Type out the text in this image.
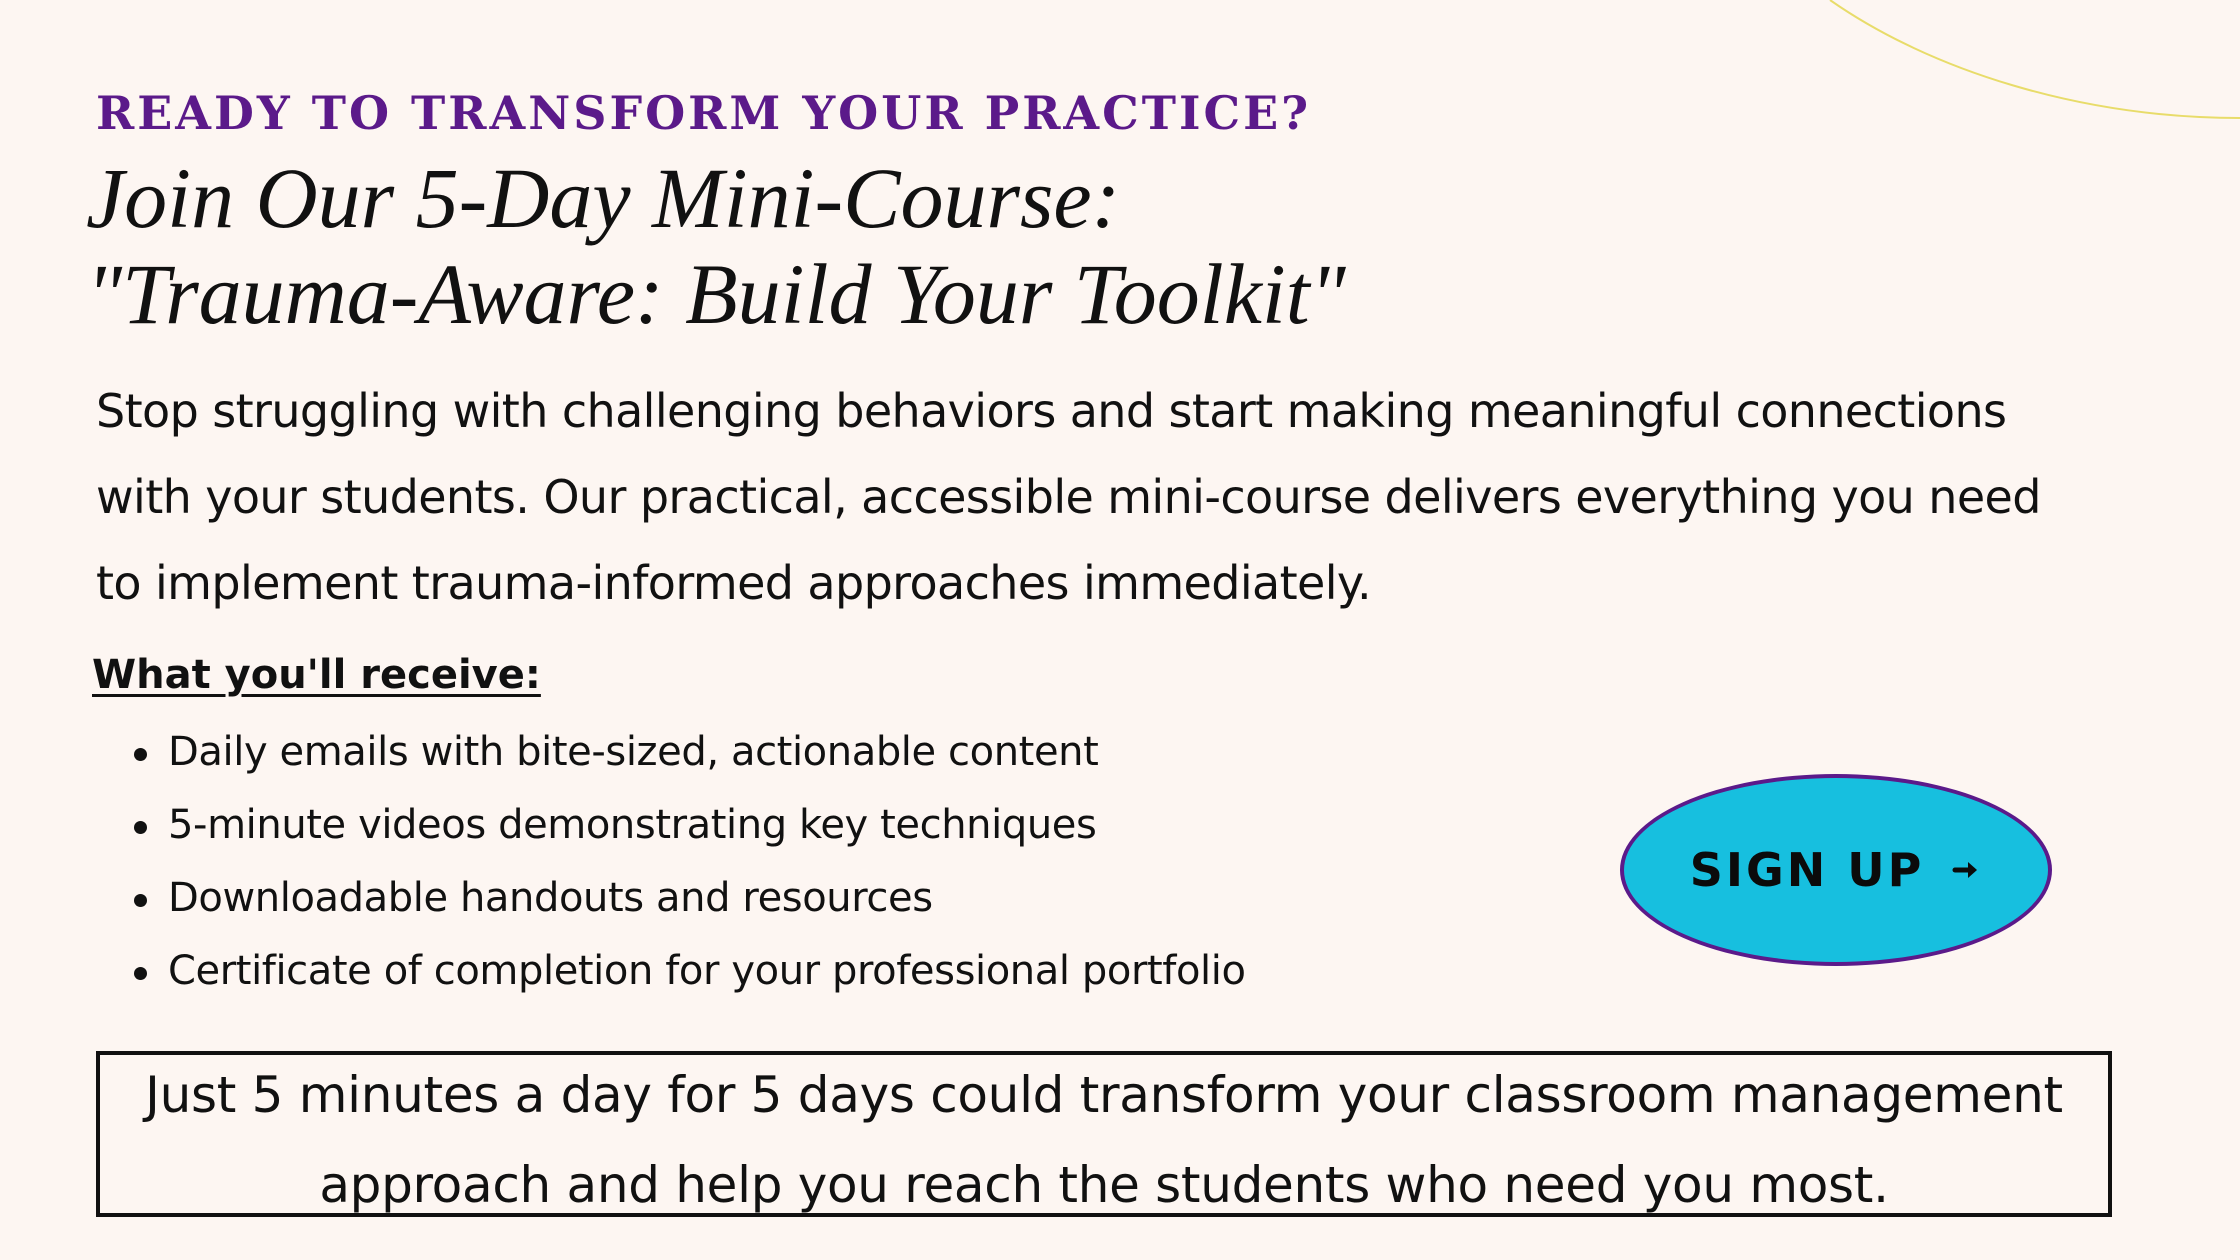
READY TO TRANSFORM YOUR PRACTICE?
Join Our 5-Day Mini-Course:
"Trauma-Aware: Build Your Toolkit"

Stop struggling with challenging behaviors and start making meaningful connections
with your students. Our practical, accessible mini-course delivers everything you need
to implement trauma-informed approaches immediately.

What you'll receive:
Daily emails with bite-sized, actionable content
5-minute videos demonstrating key techniques
Downloadable handouts and resources
Certificate of completion for your professional portfolio
SIGN UP
Just 5 minutes a day for 5 days could transform your classroom management
approach and help you reach the students who need you most.
